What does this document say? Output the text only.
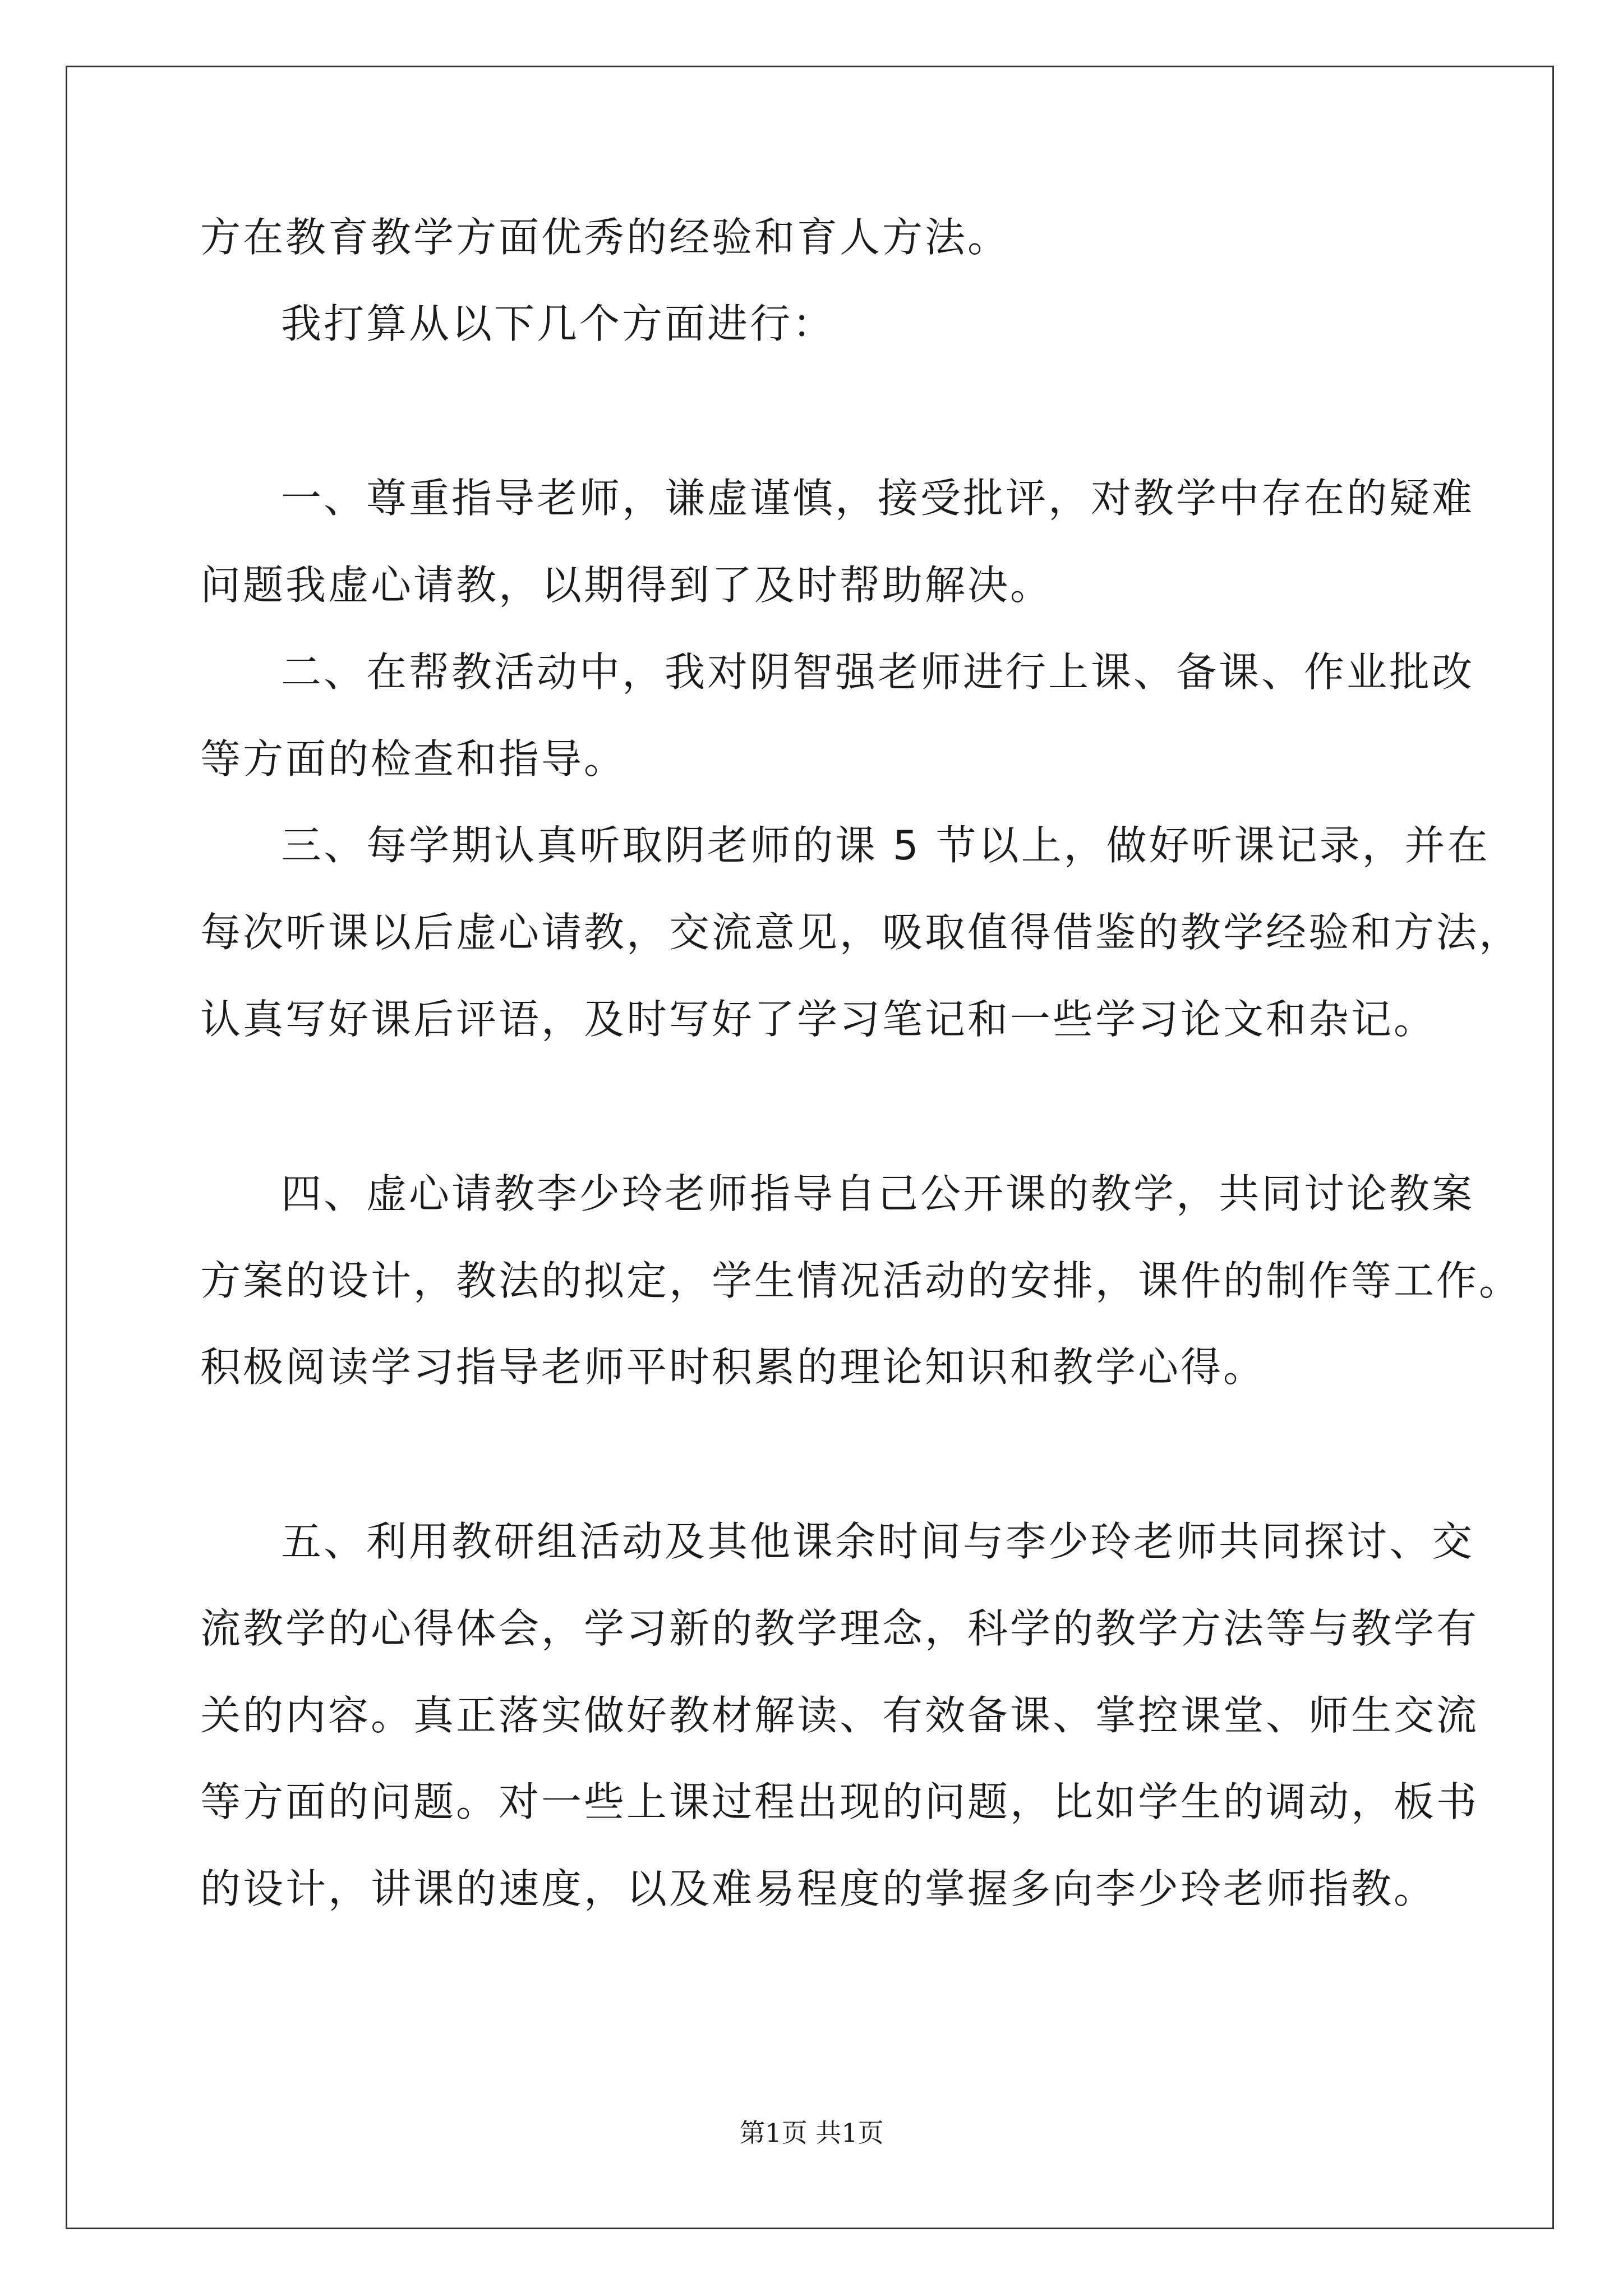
方在教育教学方面优秀的经验和育人方法。
我打算从以下几个方面进行：
一、尊重指导老师，谦虚谨慎，接受批评，对教学中存在的疑难
问题我虚心请教，以期得到了及时帮助解决。
二、在帮教活动中，我对阴智强老师进行上课、备课、作业批改
等方面的检查和指导。
三、每学期认真听取阴老师的课 5 节以上，做好听课记录，并在
每次听课以后虚心请教，交流意见，吸取值得借鉴的教学经验和方法，
认真写好课后评语，及时写好了学习笔记和一些学习论文和杂记。
四、虚心请教李少玲老师指导自己公开课的教学，共同讨论教案
方案的设计，教法的拟定，学生情况活动的安排，课件的制作等工作。
积极阅读学习指导老师平时积累的理论知识和教学心得。
五、利用教研组活动及其他课余时间与李少玲老师共同探讨、交
流教学的心得体会，学习新的教学理念，科学的教学方法等与教学有
关的内容。真正落实做好教材解读、有效备课、掌控课堂、师生交流
等方面的问题。对一些上课过程出现的问题，比如学生的调动，板书
的设计，讲课的速度，以及难易程度的掌握多向李少玲老师指教。
第1页 共1页
